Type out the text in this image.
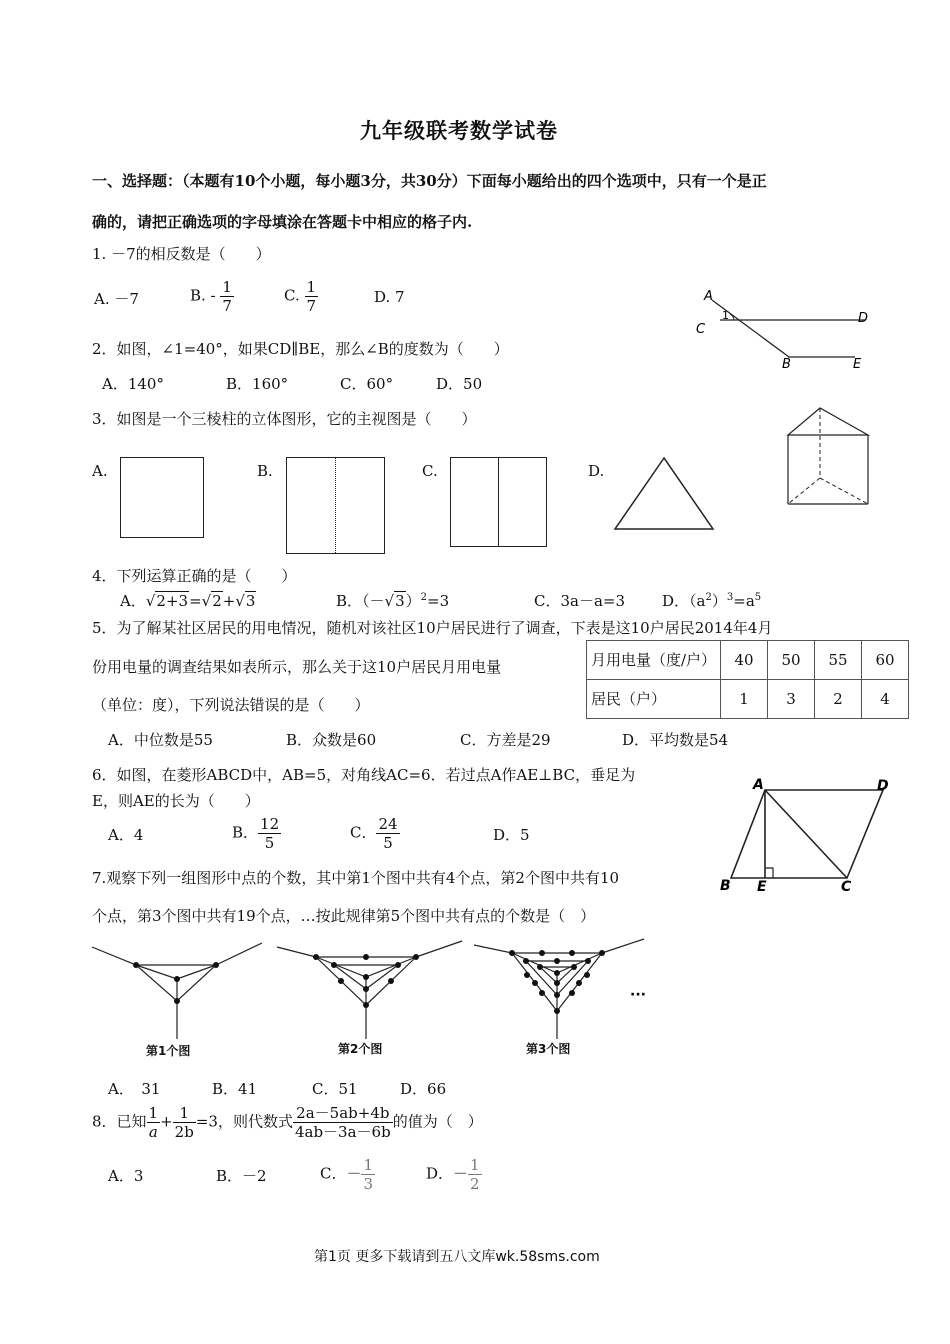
九年级联考数学试卷
一、选择题：（本题有10个小题，每小题3分，共30分）下面每小题给出的四个选项中，只有一个是正
确的，请把正确选项的字母填涂在答题卡中相应的格子内.
1. －7的相反数是（　　）
A. －7	B. - $\frac{1}{7}$	C. $\frac{1}{7}$	D. 7	A
C
D
B	E
1
2．如图，∠1=40°，如果CD∥BE，那么∠B的度数为（　　）
A．140°	B．160°	C．60°	D．50
3．如图是一个三棱柱的立体图形，它的主视图是（　　）
A.	B.	C.	D.
4．下列运算正确的是（　　）
A．√2+3=√2+√3	B．$(-√3)^2=3$	C．3a－a=3 D．$(a^2)^3=a^5$
5．为了解某社区居民的用电情况，随机对该社区10户居民进行了调查，下表是这10户居民2014年4月
份用电量的调查结果如表所示，那么关于这10户居民月用电量
（单位：度），下列说法错误的是（　　）
月用电量（度/户）	40	50	55	60
居民（户）	1	3	2	4
A．中位数是55	B．众数是60	C．方差是29	D．平均数是54
6．如图，在菱形ABCD中，AB=5，对角线AC=6．若过点A作AE⊥BC，垂足为
E，则AE的长为（　　）
A．4	B． $\frac{12}{5}$	C． $\frac{24}{5}$	D．5
A	D
B E	C
7.观察下列一组图形中点的个数，其中第1个图中共有4个点，第2个图中共有10
个点，第3个图中共有19个点，…按此规律第5个图中共有点的个数是（　）
···
第1个图	第2个图	第3个图
A．　31	B．41	C．51	D．66
8．已知 $\frac{1}{a} + \frac{1}{2b} =3$，则代数式 $\frac{2a-5ab+4b}{4ab-3a-6b}$ 的值为（　）
A．3	B．－2	C．－ $\frac{1}{3}$	D．－ $\frac{1}{2}$
第1页 更多下载请到五八文库wk.58sms.com
